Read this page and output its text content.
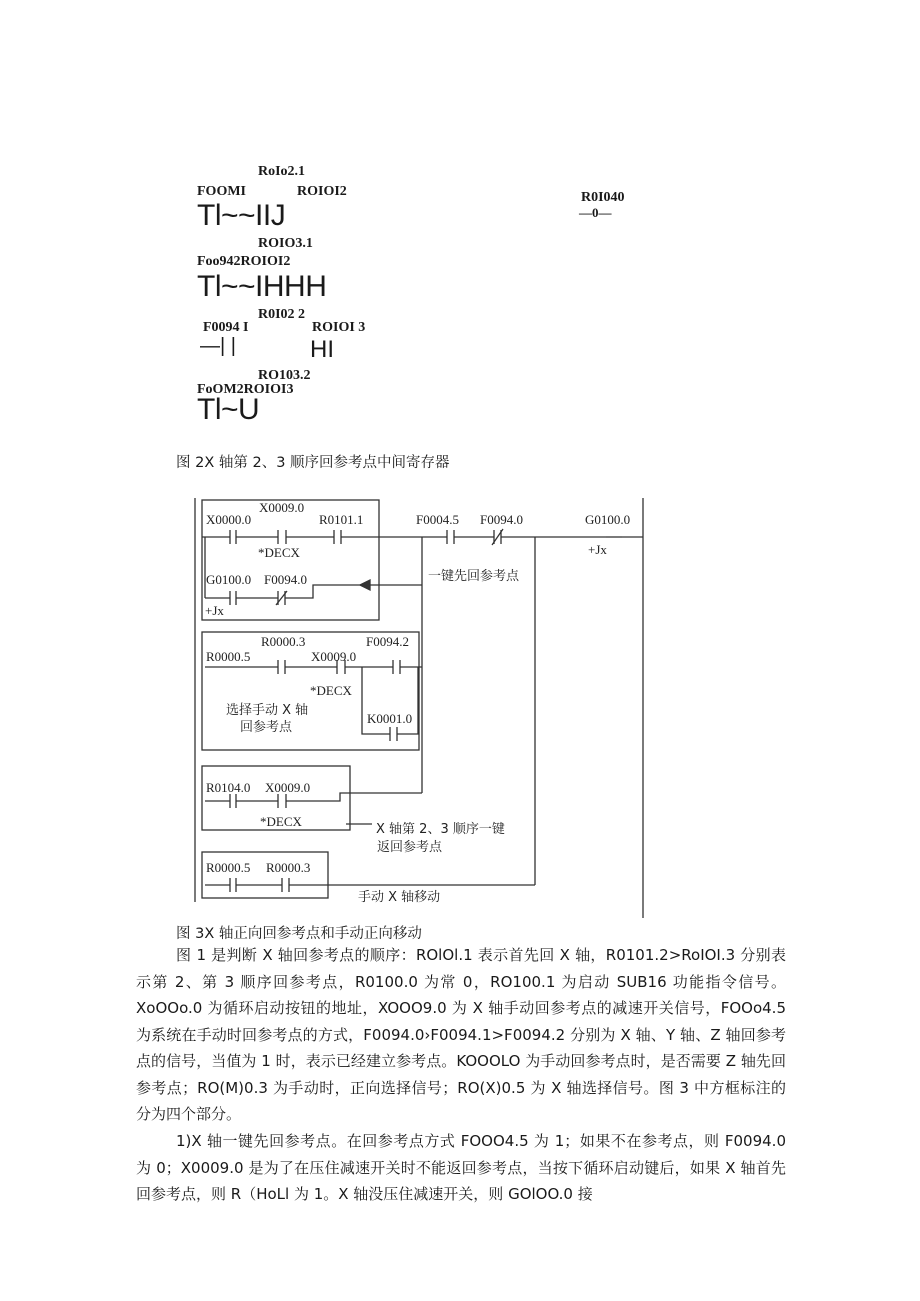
RoIo2.1
FOOMI	ROIOI2
Tl~~IIJ
R0I040
—0—
ROIO3.1
Foo942ROIOI2
Tl~~IHHH
R0I02 2
F0094 I	ROIOI 3
—| |	HI
RO103.2
FoOM2ROIOI3
Tl~U
图 2X 轴第 2、3 顺序回参考点中间寄存器
X0000.0
X0009.0
R0101.1
*DECX
G0100.0 F0094.0
+Jx
F0004.5 F0094.0	G0100.0
+Jx
R0000.3	F0094.2
R0000.5	X0009.0
*DECX
K0001.0
R0104.0 X0009.0
*DECX
R0000.5 R0000.3
一键先回参考点
选择手动 X 轴
回参考点
X 轴第 2、3 顺序一键
返回参考点
手动 X 轴移动
图 3X 轴正向回参考点和手动正向移动
图 1 是判断 X 轴回参考点的顺序：ROlOl.1 表示首先回 X 轴，R0101.2>RoIOI.3 分别表示第 2、第 3 顺序回参考点，R0100.0 为常 0，RO100.1 为启动 SUB16 功能指令信号。XoOOo.0 为循环启动按钮的地址，XOOO9.0 为 X 轴手动回参考点的减速开关信号，FOOo4.5 为系统在手动时回参考点的方式，F0094.0›F0094.1>F0094.2 分别为 X 轴、Y 轴、Z 轴回参考点的信号，当值为 1 时，表示已经建立参考点。KOOOLO 为手动回参考点时，是否需要 Z 轴先回参考点；RO(M)0.3 为手动时，正向选择信号；RO(X)0.5 为 X 轴选择信号。图 3 中方框标注的分为四个部分。
1)X 轴一键先回参考点。在回参考点方式 FOOO4.5 为 1；如果不在参考点，则 F0094.0 为 0；X0009.0 是为了在压住减速开关时不能返回参考点，当按下循环启动键后，如果 X 轴首先回参考点，则 R（HoLl 为 1。X 轴没压住减速开关，则 GOlOO.0 接
